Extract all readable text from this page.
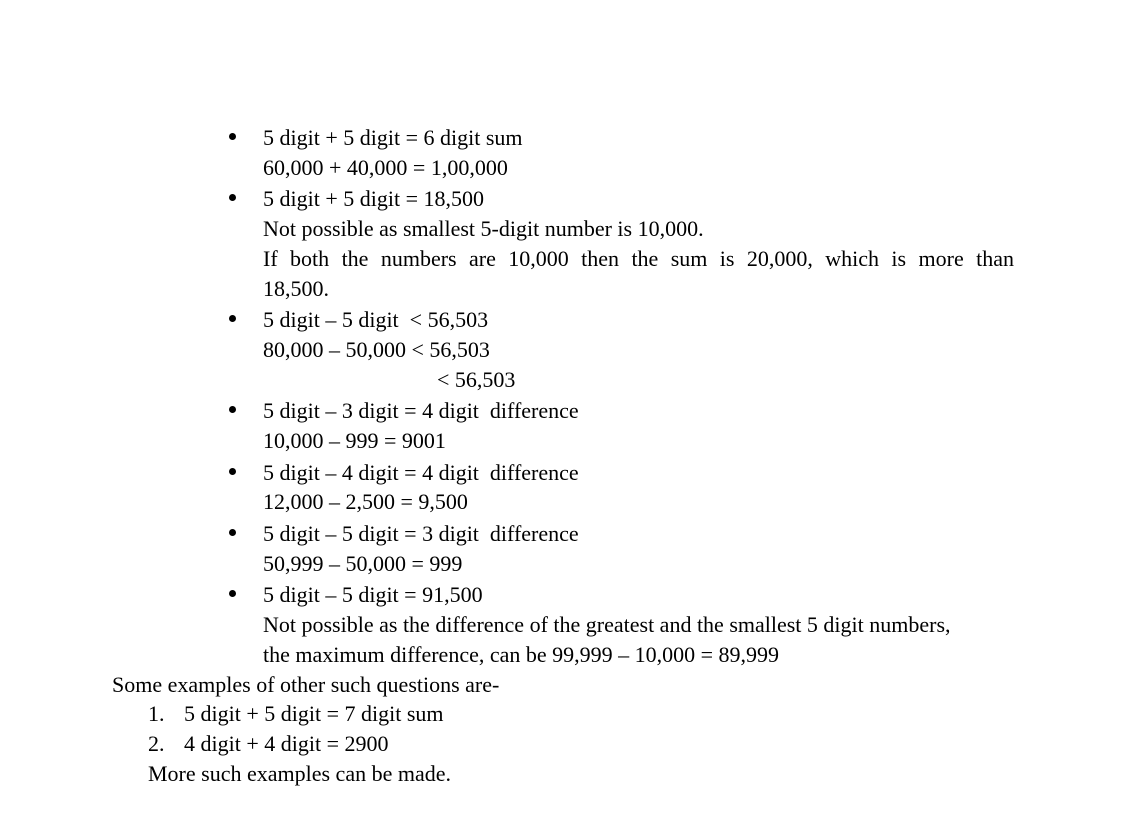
5 digit + 5 digit = 6 digit sum
60,000 + 40,000 = 1,00,000
5 digit + 5 digit = 18,500
Not possible as smallest 5-digit number is 10,000.
If both the numbers are 10,000 then the sum is 20,000, which is more than
18,500.
5 digit – 5 digit  < 56,503
80,000 – 50,000 < 56,503
< 56,503
5 digit – 3 digit = 4 digit  difference
10,000 – 999 = 9001
5 digit – 4 digit = 4 digit  difference
12,000 – 2,500 = 9,500
5 digit – 5 digit = 3 digit  difference
50,999 – 50,000 = 999
5 digit – 5 digit = 91,500
Not possible as the difference of the greatest and the smallest 5 digit numbers,
the maximum difference, can be 99,999 – 10,000 = 89,999
Some examples of other such questions are-
1. 5 digit + 5 digit = 7 digit sum
2. 4 digit + 4 digit = 2900
More such examples can be made.
